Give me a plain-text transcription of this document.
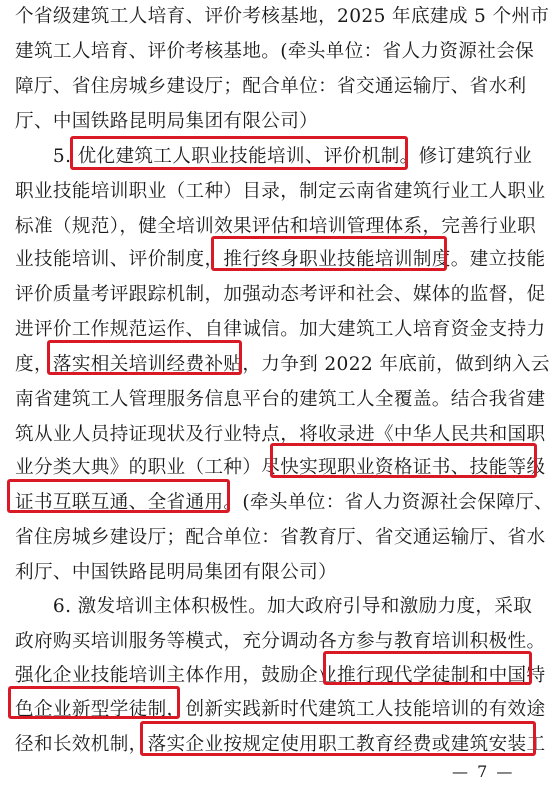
个省级建筑工人培育、评价考核基地，2025 年底建成 5 个州市
建筑工人培育、评价考核基地。(牵头单位：省人力资源社会保
障厅、省住房城乡建设厅；配合单位：省交通运输厅、省水利
厅、中国铁路昆明局集团有限公司）
　　5. 优化建筑工人职业技能培训、评价机制。修订建筑行业
职业技能培训职业（工种）目录，制定云南省建筑行业工人职业
标准（规范），健全培训效果评估和培训管理体系，完善行业职
业技能培训、评价制度，推行终身职业技能培训制度。建立技能
评价质量考评跟踪机制，加强动态考评和社会、媒体的监督，促
进评价工作规范运作、自律诚信。加大建筑工人培育资金支持力
度，落实相关培训经费补贴，力争到 2022 年底前，做到纳入云
南省建筑工人管理服务信息平台的建筑工人全覆盖。结合我省建
筑从业人员持证现状及行业特点，将收录进《中华人民共和国职
业分类大典》的职业（工种）尽快实现职业资格证书、技能等级
证书互联互通、全省通用。(牵头单位：省人力资源社会保障厅、
省住房城乡建设厅；配合单位：省教育厅、省交通运输厅、省水
利厅、中国铁路昆明局集团有限公司）
　　6. 激发培训主体积极性。加大政府引导和激励力度，采取
政府购买培训服务等模式，充分调动各方参与教育培训积极性。
强化企业技能培训主体作用，鼓励企业推行现代学徒制和中国特
色企业新型学徒制，创新实践新时代建筑工人技能培训的有效途
径和长效机制，落实企业按规定使用职工教育经费或建筑安装工
— 7 —
